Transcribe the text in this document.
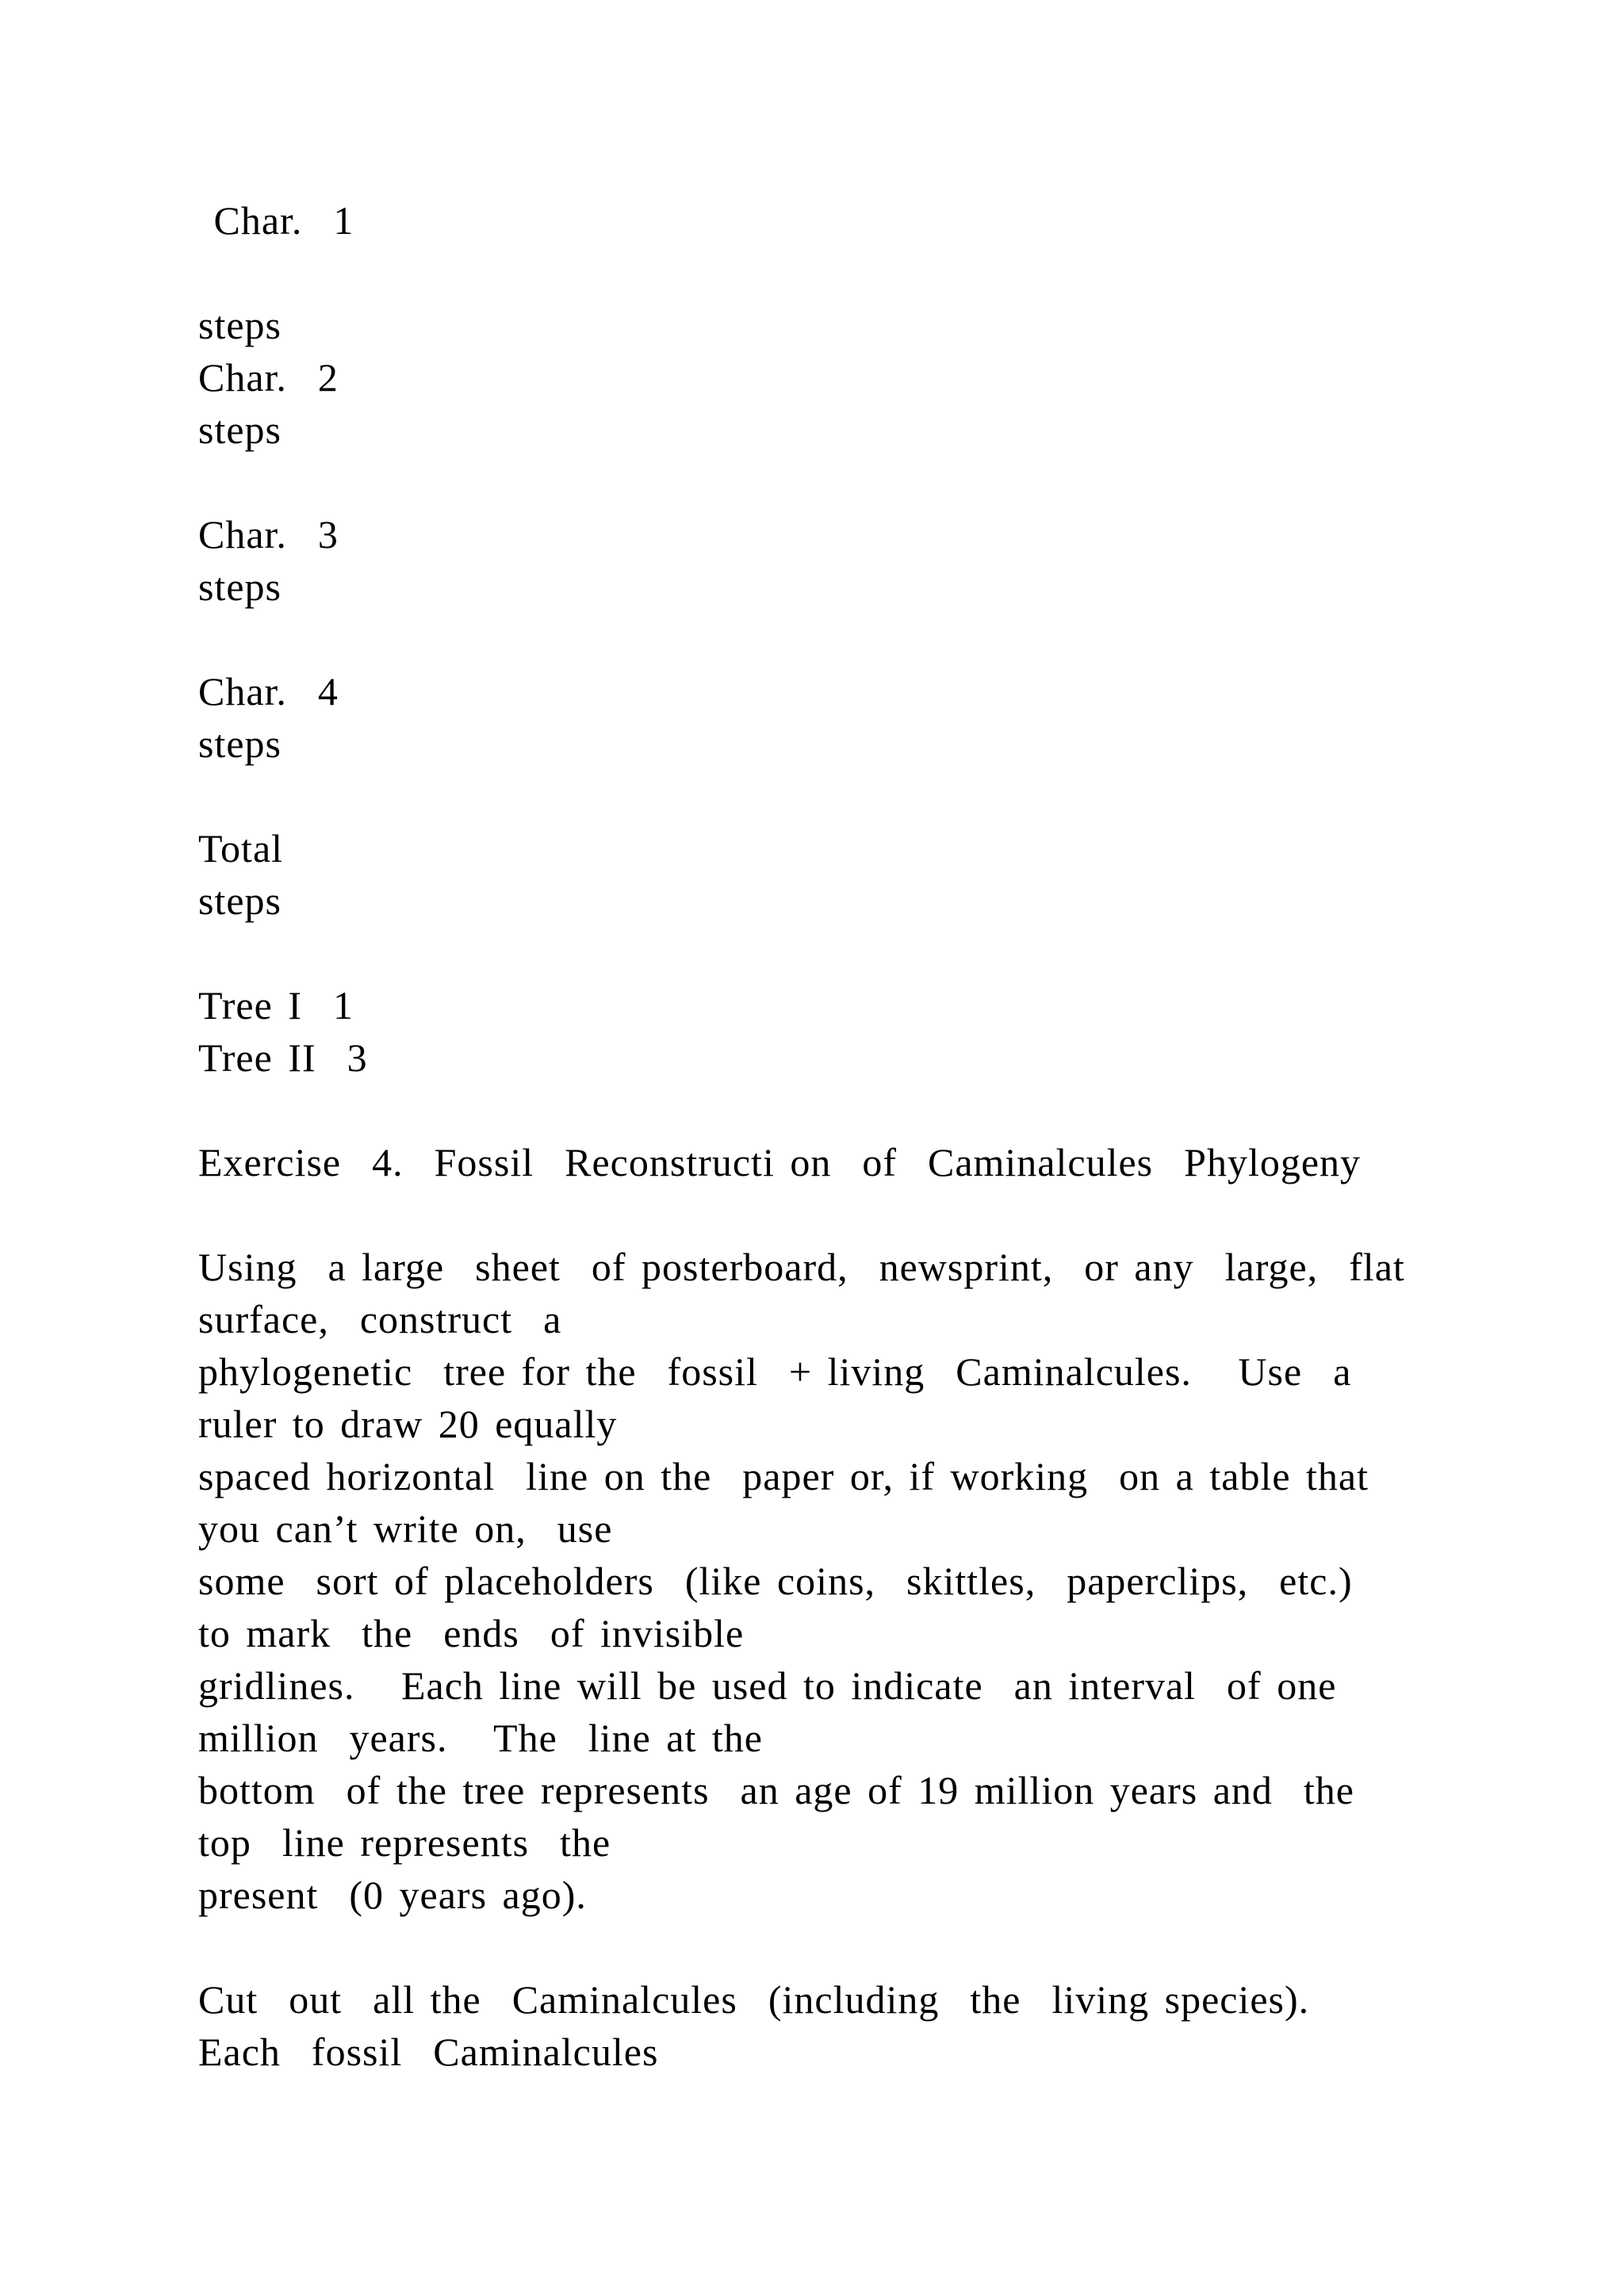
Char.  1
steps
Char.  2
steps
Char.  3
steps
Char.  4
steps
Total
steps
Tree I  1
Tree II  3
Exercise  4.  Fossil  Reconstructi on  of  Caminalcules  Phylogeny
Using  a large  sheet  of posterboard,  newsprint,  or any  large,  flat
surface,  construct  a
phylogenetic  tree for the  fossil  + living  Caminalcules.   Use  a
ruler to draw 20 equally
spaced horizontal  line on the  paper or, if working  on a table that
you can’t write on,  use
some  sort of placeholders  (like coins,  skittles,  paperclips,  etc.)
to mark  the  ends  of invisible
gridlines.   Each line will be used to indicate  an interval  of one
million  years.   The  line at the
bottom  of the tree represents  an age of 19 million years and  the
top  line represents  the
present  (0 years ago).
Cut  out  all the  Caminalcules  (including  the  living species).
Each  fossil  Caminalcules
